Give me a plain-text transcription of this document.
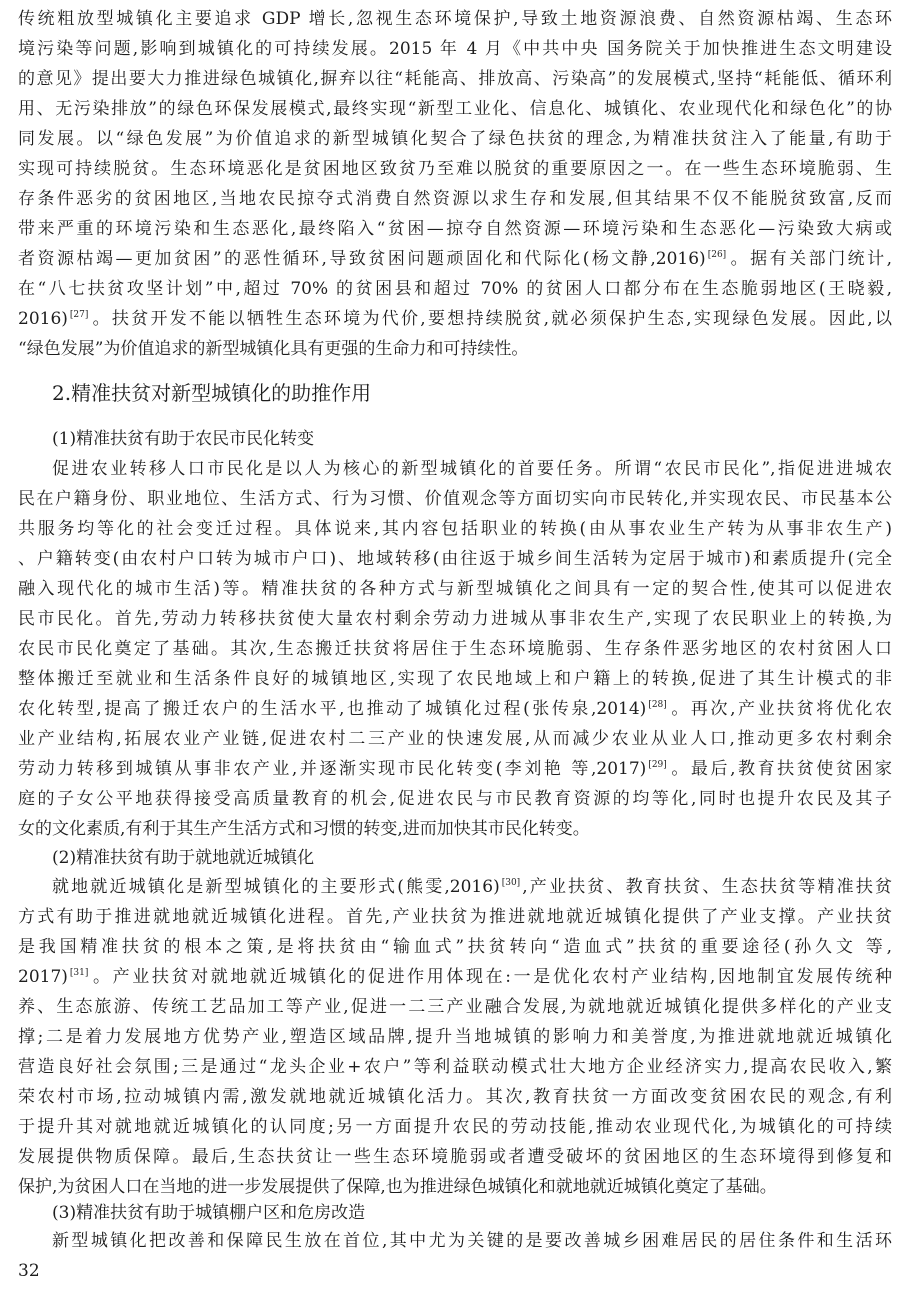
传统粗放型城镇化主要追求 GDP 增长,忽视生态环境保护,导致土地资源浪费、自然资源枯竭、生态环
境污染等问题,影响到城镇化的可持续发展。2015 年 4 月《中共中央 国务院关于加快推进生态文明建设
的意见》提出要大力推进绿色城镇化,摒弃以往“耗能高、排放高、污染高”的发展模式,坚持“耗能低、循环利
用、无污染排放”的绿色环保发展模式,最终实现“新型工业化、信息化、城镇化、农业现代化和绿色化”的协
同发展。以“绿色发展”为价值追求的新型城镇化契合了绿色扶贫的理念,为精准扶贫注入了能量,有助于
实现可持续脱贫。生态环境恶化是贫困地区致贫乃至难以脱贫的重要原因之一。在一些生态环境脆弱、生
存条件恶劣的贫困地区,当地农民掠夺式消费自然资源以求生存和发展,但其结果不仅不能脱贫致富,反而
带来严重的环境污染和生态恶化,最终陷入“贫困—掠夺自然资源—环境污染和生态恶化—污染致大病或
者资源枯竭—更加贫困”的恶性循环,导致贫困问题顽固化和代际化(杨文静,2016) [26] 。据有关部门统计,
在“八七扶贫攻坚计划”中,超过 70% 的贫困县和超过 70% 的贫困人口都分布在生态脆弱地区(王晓毅,
2016) [27] 。扶贫开发不能以牺牲生态环境为代价,要想持续脱贫,就必须保护生态,实现绿色发展。因此,以
“绿色发展”为价值追求的新型城镇化具有更强的生命力和可持续性。
2.精准扶贫对新型城镇化的助推作用
(1)精准扶贫有助于农民市民化转变
促进农业转移人口市民化是以人为核心的新型城镇化的首要任务。所谓“农民市民化”,指促进进城农
民在户籍身份、职业地位、生活方式、行为习惯、价值观念等方面切实向市民转化,并实现农民、市民基本公
共服务均等化的社会变迁过程。具体说来,其内容包括职业的转换(由从事农业生产转为从事非农生产)
、户籍转变(由农村户口转为城市户口)、地域转移(由往返于城乡间生活转为定居于城市)和素质提升(完全
融入现代化的城市生活)等。精准扶贫的各种方式与新型城镇化之间具有一定的契合性,使其可以促进农
民市民化。首先,劳动力转移扶贫使大量农村剩余劳动力进城从事非农生产,实现了农民职业上的转换,为
农民市民化奠定了基础。其次,生态搬迁扶贫将居住于生态环境脆弱、生存条件恶劣地区的农村贫困人口
整体搬迁至就业和生活条件良好的城镇地区,实现了农民地域上和户籍上的转换,促进了其生计模式的非
农化转型,提高了搬迁农户的生活水平,也推动了城镇化过程(张传泉,2014) [28] 。再次,产业扶贫将优化农
业产业结构,拓展农业产业链,促进农村二三产业的快速发展,从而减少农业从业人口,推动更多农村剩余
劳动力转移到城镇从事非农产业,并逐渐实现市民化转变(李刘艳 等,2017) [29] 。最后,教育扶贫使贫困家
庭的子女公平地获得接受高质量教育的机会,促进农民与市民教育资源的均等化,同时也提升农民及其子
女的文化素质,有利于其生产生活方式和习惯的转变,进而加快其市民化转变。
(2)精准扶贫有助于就地就近城镇化
就地就近城镇化是新型城镇化的主要形式(熊雯,2016) [30] ,产业扶贫、教育扶贫、生态扶贫等精准扶贫
方式有助于推进就地就近城镇化进程。首先,产业扶贫为推进就地就近城镇化提供了产业支撑。产业扶贫
是我国精准扶贫的根本之策,是将扶贫由“输血式”扶贫转向“造血式”扶贫的重要途径(孙久文 等,
2017) [31] 。产业扶贫对就地就近城镇化的促进作用体现在:一是优化农村产业结构,因地制宜发展传统种
养、生态旅游、传统工艺品加工等产业,促进一二三产业融合发展,为就地就近城镇化提供多样化的产业支
撑;二是着力发展地方优势产业,塑造区域品牌,提升当地城镇的影响力和美誉度,为推进就地就近城镇化
营造良好社会氛围;三是通过“龙头企业+农户”等利益联动模式壮大地方企业经济实力,提高农民收入,繁
荣农村市场,拉动城镇内需,激发就地就近城镇化活力。其次,教育扶贫一方面改变贫困农民的观念,有利
于提升其对就地就近城镇化的认同度;另一方面提升农民的劳动技能,推动农业现代化,为城镇化的可持续
发展提供物质保障。最后,生态扶贫让一些生态环境脆弱或者遭受破坏的贫困地区的生态环境得到修复和
保护,为贫困人口在当地的进一步发展提供了保障,也为推进绿色城镇化和就地就近城镇化奠定了基础。
(3)精准扶贫有助于城镇棚户区和危房改造
新型城镇化把改善和保障民生放在首位,其中尤为关键的是要改善城乡困难居民的居住条件和生活环
32
